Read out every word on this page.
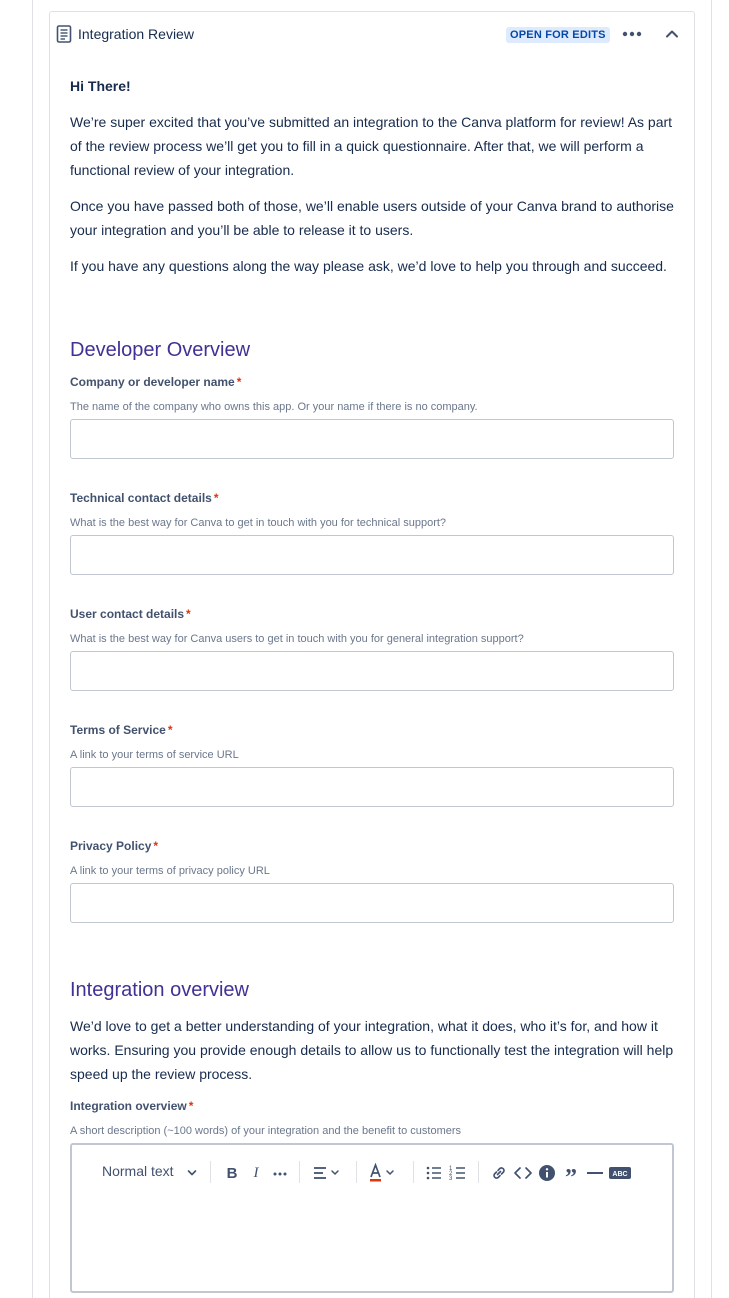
Integration Review	OPEN FOR EDITS
Hi There!

We’re super excited that you’ve submitted an integration to the Canva platform for review! As part of the review process we’ll get you to fill in a quick questionnaire. After that, we will perform a functional review of your integration.

Once you have passed both of those, we’ll enable users outside of your Canva brand to authorise your integration and you’ll be able to release it to users.

If you have any questions along the way please ask, we’d love to help you through and succeed.

Developer Overview
Company or developer name *
The name of the company who owns this app. Or your name if there is no company.
Technical contact details *
What is the best way for Canva to get in touch with you for technical support?
User contact details *
What is the best way for Canva users to get in touch with you for general integration support?
Terms of Service *
A link to your terms of service URL
Privacy Policy *
A link to your terms of privacy policy URL
Integration overview

We’d love to get a better understanding of your integration, what it does, who it’s for, and how it works. Ensuring you provide enough details to allow us to functionally test the integration will help speed up the review process.

Integration overview *
A short description (~100 words) of your integration and the benefit to customers
Normal text	B	I	1
2
3	”	ABC
